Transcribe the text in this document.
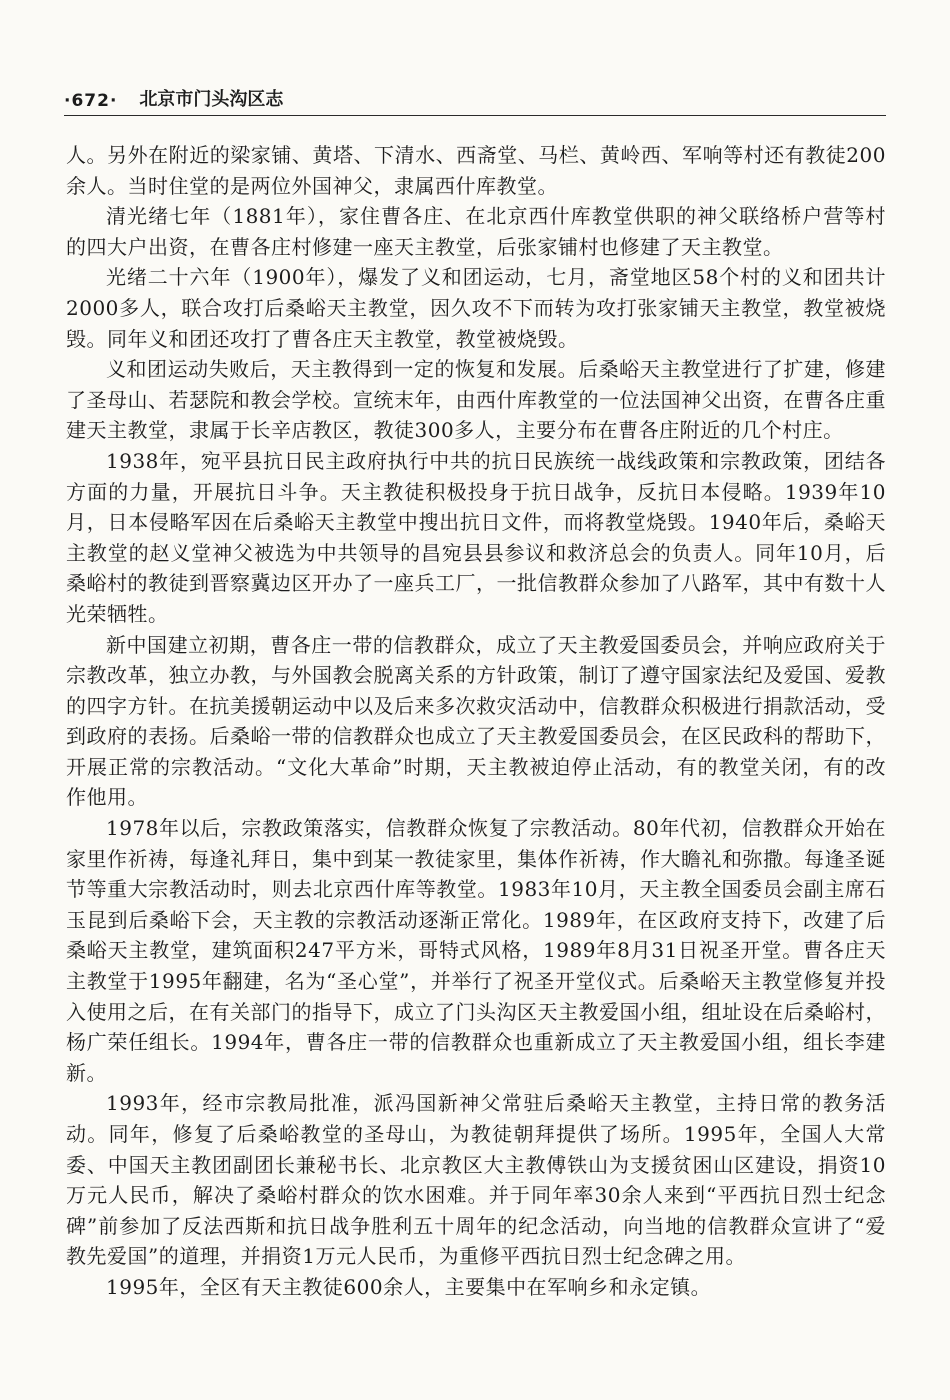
·672· 北京市门头沟区志

人。另外在附近的梁家铺、黄塔、下清水、西斋堂、马栏、黄岭西、军响等村还有教徒200余人。当时住堂的是两位外国神父，隶属西什库教堂。

清光绪七年（1881年），家住曹各庄、在北京西什库教堂供职的神父联络桥户营等村的四大户出资，在曹各庄村修建一座天主教堂，后张家铺村也修建了天主教堂。

光绪二十六年（1900年），爆发了义和团运动，七月，斋堂地区58个村的义和团共计2000多人，联合攻打后桑峪天主教堂，因久攻不下而转为攻打张家铺天主教堂，教堂被烧毁。同年义和团还攻打了曹各庄天主教堂，教堂被烧毁。

义和团运动失败后，天主教得到一定的恢复和发展。后桑峪天主教堂进行了扩建，修建了圣母山、若瑟院和教会学校。宣统末年，由西什库教堂的一位法国神父出资，在曹各庄重建天主教堂，隶属于长辛店教区，教徒300多人，主要分布在曹各庄附近的几个村庄。

1938年，宛平县抗日民主政府执行中共的抗日民族统一战线政策和宗教政策，团结各方面的力量，开展抗日斗争。天主教徒积极投身于抗日战争，反抗日本侵略。1939年10月，日本侵略军因在后桑峪天主教堂中搜出抗日文件，而将教堂烧毁。1940年后，桑峪天主教堂的赵义堂神父被选为中共领导的昌宛县县参议和救济总会的负责人。同年10月，后桑峪村的教徒到晋察冀边区开办了一座兵工厂，一批信教群众参加了八路军，其中有数十人光荣牺牲。

新中国建立初期，曹各庄一带的信教群众，成立了天主教爱国委员会，并响应政府关于宗教改革，独立办教，与外国教会脱离关系的方针政策，制订了遵守国家法纪及爱国、爱教的四字方针。在抗美援朝运动中以及后来多次救灾活动中，信教群众积极进行捐款活动，受到政府的表扬。后桑峪一带的信教群众也成立了天主教爱国委员会，在区民政科的帮助下，开展正常的宗教活动。“文化大革命”时期，天主教被迫停止活动，有的教堂关闭，有的改作他用。

1978年以后，宗教政策落实，信教群众恢复了宗教活动。80年代初，信教群众开始在家里作祈祷，每逢礼拜日，集中到某一教徒家里，集体作祈祷，作大瞻礼和弥撒。每逢圣诞节等重大宗教活动时，则去北京西什库等教堂。1983年10月，天主教全国委员会副主席石玉昆到后桑峪下会，天主教的宗教活动逐渐正常化。1989年，在区政府支持下，改建了后桑峪天主教堂，建筑面积247平方米，哥特式风格，1989年8月31日祝圣开堂。曹各庄天主教堂于1995年翻建，名为“圣心堂”，并举行了祝圣开堂仪式。后桑峪天主教堂修复并投入使用之后，在有关部门的指导下，成立了门头沟区天主教爱国小组，组址设在后桑峪村，杨广荣任组长。1994年，曹各庄一带的信教群众也重新成立了天主教爱国小组，组长李建新。

1993年，经市宗教局批准，派冯国新神父常驻后桑峪天主教堂，主持日常的教务活动。同年，修复了后桑峪教堂的圣母山，为教徒朝拜提供了场所。1995年，全国人大常委、中国天主教团副团长兼秘书长、北京教区大主教傅铁山为支援贫困山区建设，捐资10万元人民币，解决了桑峪村群众的饮水困难。并于同年率30余人来到“平西抗日烈士纪念碑”前参加了反法西斯和抗日战争胜利五十周年的纪念活动，向当地的信教群众宣讲了“爱教先爱国”的道理，并捐资1万元人民币，为重修平西抗日烈士纪念碑之用。

1995年，全区有天主教徒600余人，主要集中在军响乡和永定镇。
